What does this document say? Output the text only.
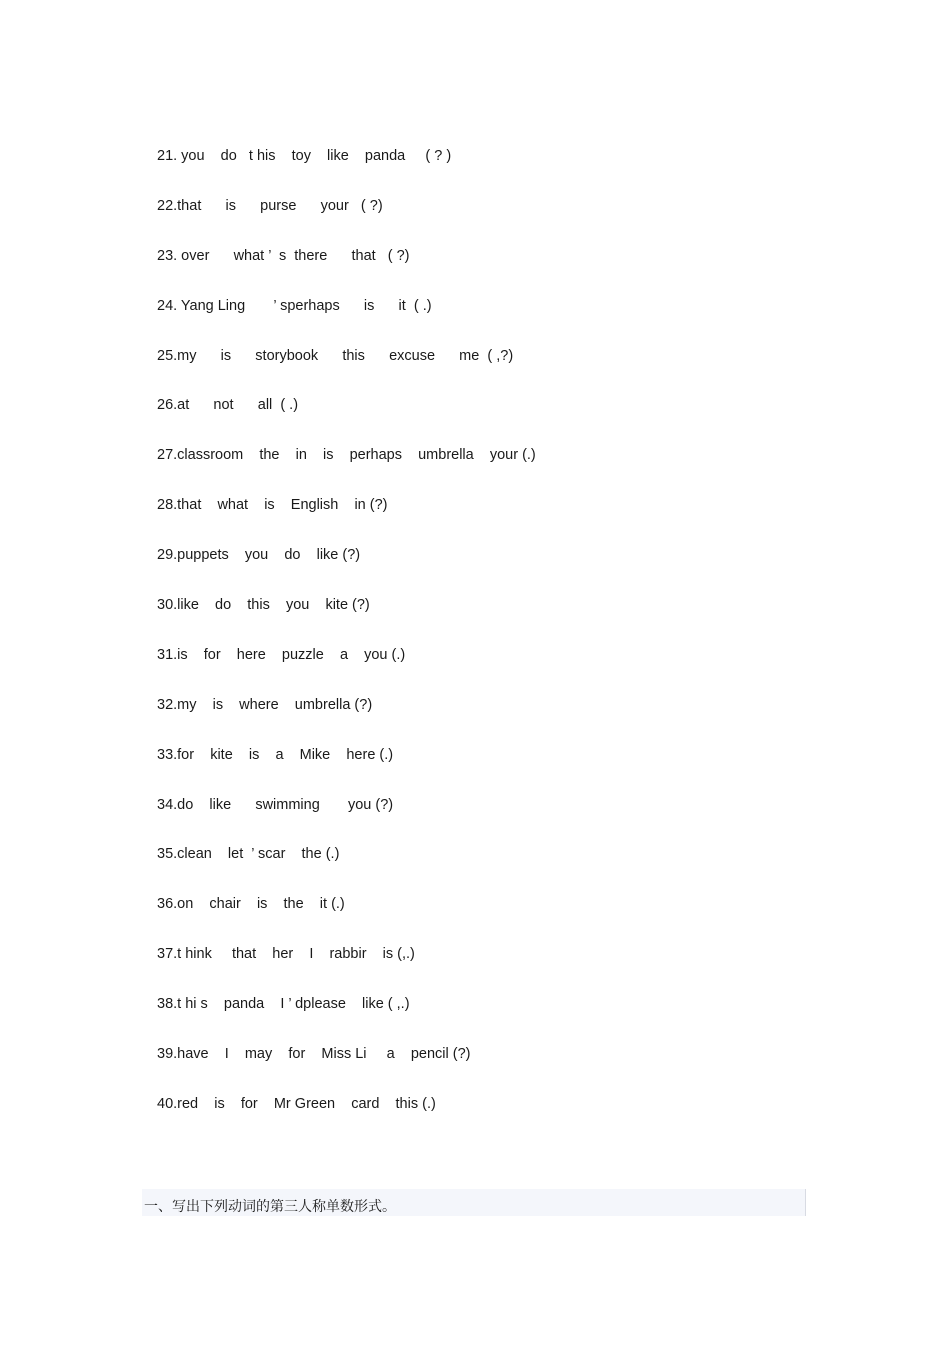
21. you    do   t his    toy    like    panda     ( ? )
22.that      is      purse      your   ( ?)
23. over      what ’  s  there      that   ( ?)
24. Yang Ling       ’ sperhaps      is      it  ( .)
25.my      is      storybook      this      excuse      me  ( ,?)
26.at      not      all  ( .)
27.classroom    the    in    is    perhaps    umbrella    your (.)
28.that    what    is    English    in (?)
29.puppets    you    do    like (?)
30.like    do    this    you    kite (?)
31.is    for    here    puzzle    a    you (.)
32.my    is    where    umbrella (?)
33.for    kite    is    a    Mike    here (.)
34.do    like      swimming       you (?)
35.clean    let  ’ scar    the (.)
36.on    chair    is    the    it (.)
37.t hink     that    her    I    rabbir    is (,.)
38.t hi s    panda    I ’ dplease    like ( ,.)
39.have    I    may    for    Miss Li     a    pencil (?)
40.red    is    for    Mr Green    card    this (.)
一、写出下列动词的第三人称单数形式。
